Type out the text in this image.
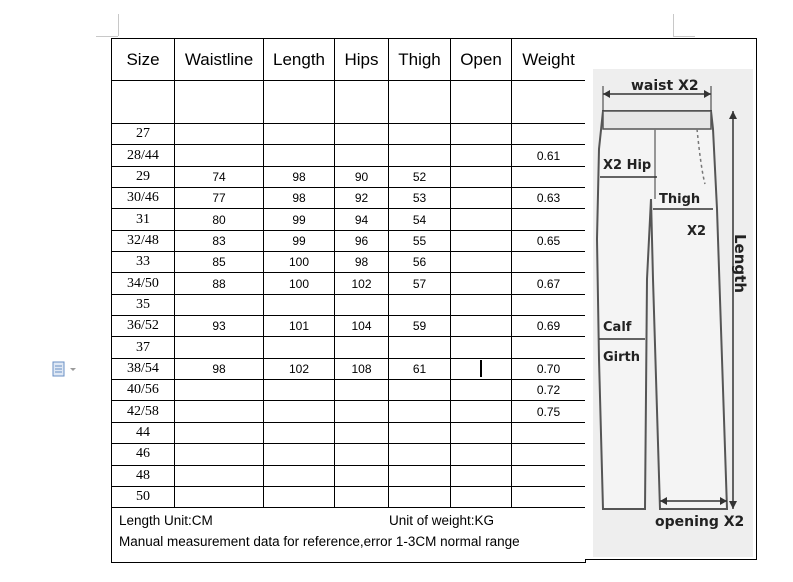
Size	Waistline	Length	Hips	Thigh	Open	Weight

27						
28/44						0.61
29	74	98	90	52		
30/46	77	98	92	53		0.63
31	80	99	94	54		
32/48	83	99	96	55		0.65
33	85	100	98	56		
34/50	88	100	102	57		0.67
35						
36/52	93	101	104	59		0.69
37						
38/54	98	102	108	61		0.70
40/56						0.72
42/58						0.75
44						
46						
48						
50						

Length Unit:CM Unit of weight:KG
Manual measurement data for reference,error 1-3CM normal range						
waist X2
X2 Hip
Thigh
X2
Length
Calf
Girth
opening X2
